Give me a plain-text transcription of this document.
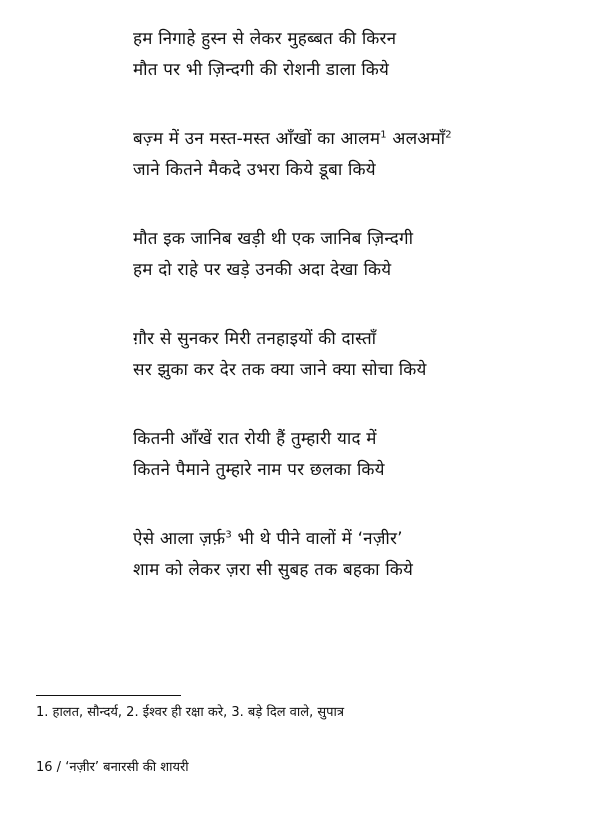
हम निगाहे हुस्न से लेकर मुहब्बत की किरन
मौत पर भी ज़िन्दगी की रोशनी डाला किये
बज़्म में उन मस्त-मस्त आँखों का आलम$^1$ अलअमाँ$^2$
जाने कितने मैकदे उभरा किये डूबा किये
मौत इक जानिब खड़ी थी एक जानिब ज़िन्दगी
हम दो राहे पर खड़े उनकी अदा देखा किये
ग़ौर से सुनकर मिरी तनहाइयों की दास्ताँ
सर झुका कर देर तक क्या जाने क्या सोचा किये
कितनी आँखें रात रोयी हैं तुम्हारी याद में
कितने पैमाने तुम्हारे नाम पर छलका किये
ऐसे आला ज़र्फ़$^3$ भी थे पीने वालों में ‘नज़ीर’
शाम को लेकर ज़रा सी सुबह तक बहका किये
1. हालत, सौन्दर्य, 2. ईश्वर ही रक्षा करे, 3. बड़े दिल वाले, सुपात्र
16 / ‘नज़ीर’ बनारसी की शायरी
